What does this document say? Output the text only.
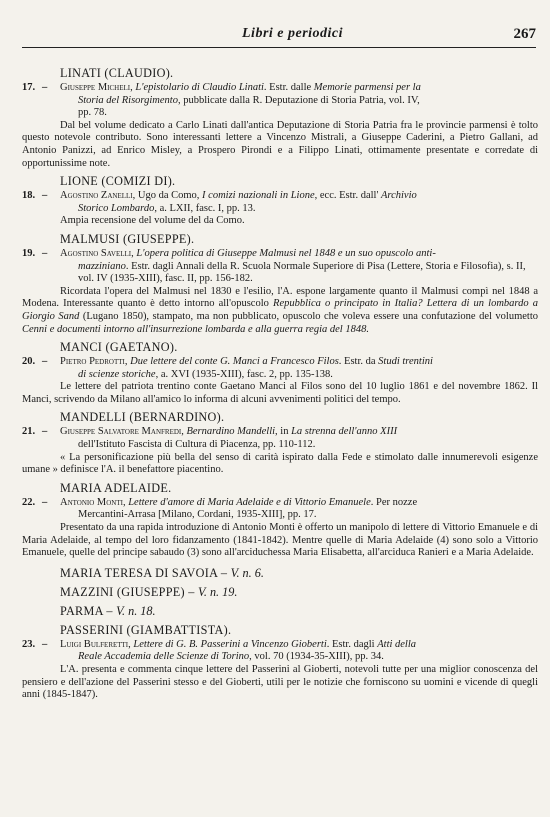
Libri e periodici	267
LINATI (CLAUDIO).
17. –	Giuseppe Micheli, L'epistolario di Claudio Linati. Estr. dalle Memorie parmensi per la
Storia del Risorgimento, pubblicate dalla R. Deputazione di Storia Patria, vol. IV,
pp. 78.
Dal bel volume dedicato a Carlo Linati dall'antica Deputazione di Storia Patria fra le provincie parmensi è tolto questo notevole contributo. Sono interessanti lettere a Vincenzo Mistrali, a Giuseppe Caderini, a Pietro Gallani, ad Antonio Panizzi, ad Enrico Misley, a Prospero Pirondi e a Filippo Linati, ottimamente presentate e corredate di opportunissime note.
LIONE (COMIZI DI).
18. –	Agostino Zanelli, Ugo da Como, I comizi nazionali in Lione, ecc. Estr. dall' Archivio
Storico Lombardo, a. LXII, fasc. I, pp. 13.
Ampia recensione del volume del da Como.
MALMUSI (GIUSEPPE).
19. –	Agostino Savelli, L'opera politica di Giuseppe Malmusi nel 1848 e un suo opuscolo anti-
mazziniano. Estr. dagli Annali della R. Scuola Normale Superiore di Pisa (Lettere, Storia e Filosofia), s. II, vol. IV (1935-XIII), fasc. II, pp. 156-182.
Ricordata l'opera del Malmusi nel 1830 e l'esilio, l'A. espone largamente quanto il Malmusi compì nel 1848 a Modena. Interessante quanto è detto intorno all'opuscolo Repubblica o principato in Italia? Lettera di un lombardo a Giorgio Sand (Lugano 1850), stampato, ma non pubblicato, opuscolo che voleva essere una confutazione del volumetto Cenni e documenti intorno all'insurrezione lombarda e alla guerra regia del 1848.
MANCI (GAETANO).
20. –	Pietro Pedrotti, Due lettere del conte G. Manci a Francesco Filos. Estr. da Studi trentini
di scienze storiche, a. XVI (1935-XIII), fasc. 2, pp. 135-138.
Le lettere del patriota trentino conte Gaetano Manci al Filos sono del 10 luglio 1861 e del novembre 1862. Il Manci, scrivendo da Milano all'amico lo informa di alcuni avvenimenti politici del tempo.
MANDELLI (BERNARDINO).
21. –	Giuseppe Salvatore Manfredi, Bernardino Mandelli, in La strenna dell'anno XIII
dell'Istituto Fascista di Cultura di Piacenza, pp. 110-112.
« La personificazione più bella del senso di carità ispirato dalla Fede e stimolato dalle innumerevoli esigenze umane » definisce l'A. il benefattore piacentino.
MARIA ADELAIDE.
22. –	Antonio Monti, Lettere d'amore di Maria Adelaide e di Vittorio Emanuele. Per nozze
Mercantini-Arrasa [Milano, Cordani, 1935-XIII], pp. 17.
Presentato da una rapida introduzione di Antonio Monti è offerto un manipolo di lettere di Vittorio Emanuele e di Maria Adelaide, al tempo del loro fidanzamento (1841-1842). Mentre quelle di Maria Adelaide (4) sono solo a Vittorio Emanuele, quelle del principe sabaudo (3) sono all'arciduchessa Maria Elisabetta, all'arciduca Ranieri e a Maria Adelaide.
MARIA TERESA DI SAVOIA – V. n. 6.
MAZZINI (GIUSEPPE) – V. n. 19.
PARMA – V. n. 18.
PASSERINI (GIAMBATTISTA).
23. –	Luigi Bulferetti, Lettere di G. B. Passerini a Vincenzo Gioberti. Estr. dagli Atti della
Reale Accademia delle Scienze di Torino, vol. 70 (1934-35-XIII), pp. 34.
L'A. presenta e commenta cinque lettere del Passerini al Gioberti, notevoli tutte per una miglior conoscenza del pensiero e dell'azione del Passerini stesso e del Gioberti, utili per le notizie che forniscono su uomini e vicende di quegli anni (1845-1847).
